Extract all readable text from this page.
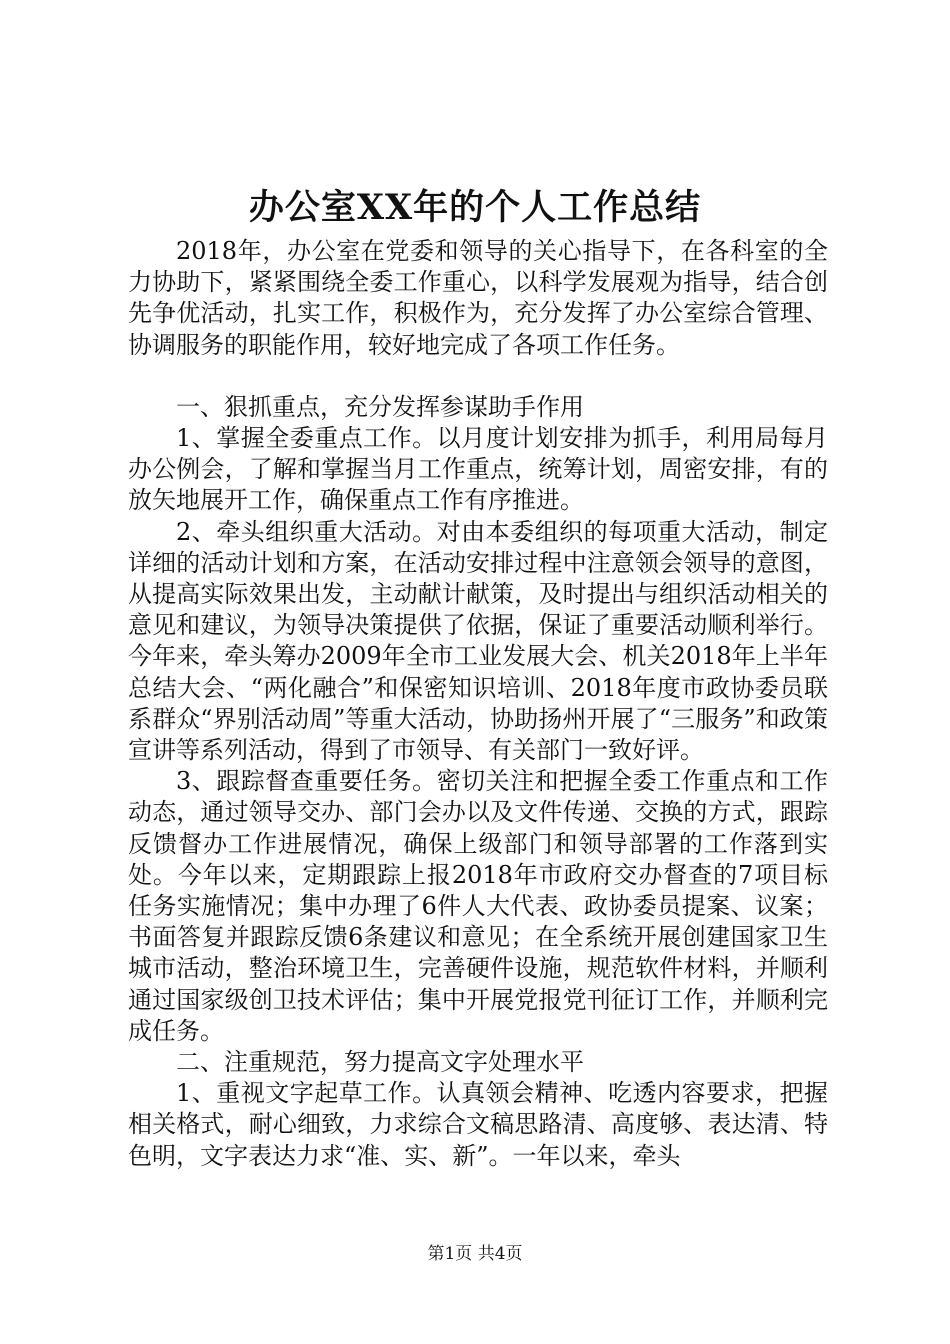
办公室XX年的个人工作总结

2018年，办公室在党委和领导的关心指导下，在各科室的全力协助下，紧紧围绕全委工作重心，以科学发展观为指导，结合创先争优活动，扎实工作，积极作为，充分发挥了办公室综合管理、协调服务的职能作用，较好地完成了各项工作任务。

一、狠抓重点，充分发挥参谋助手作用

1、掌握全委重点工作。以月度计划安排为抓手，利用局每月办公例会，了解和掌握当月工作重点，统筹计划，周密安排，有的放矢地展开工作，确保重点工作有序推进。

2、牵头组织重大活动。对由本委组织的每项重大活动，制定详细的活动计划和方案，在活动安排过程中注意领会领导的意图，从提高实际效果出发，主动献计献策，及时提出与组织活动相关的意见和建议，为领导决策提供了依据，保证了重要活动顺利举行。今年来，牵头筹办2009年全市工业发展大会、机关2018年上半年总结大会、“两化融合”和保密知识培训、2018年度市政协委员联系群众“界别活动周”等重大活动，协助扬州开展了“三服务”和政策宣讲等系列活动，得到了市领导、有关部门一致好评。

3、跟踪督查重要任务。密切关注和把握全委工作重点和工作动态，通过领导交办、部门会办以及文件传递、交换的方式，跟踪反馈督办工作进展情况，确保上级部门和领导部署的工作落到实处。今年以来，定期跟踪上报2018年市政府交办督查的7项目标任务实施情况；集中办理了6件人大代表、政协委员提案、议案；书面答复并跟踪反馈6条建议和意见；在全系统开展创建国家卫生城市活动，整治环境卫生，完善硬件设施，规范软件材料，并顺利通过国家级创卫技术评估；集中开展党报党刊征订工作，并顺利完成任务。

二、注重规范，努力提高文字处理水平

1、重视文字起草工作。认真领会精神、吃透内容要求，把握相关格式，耐心细致，力求综合文稿思路清、高度够、表达清、特色明，文字表达力求“准、实、新”。一年以来，牵头

第1页 共4页
